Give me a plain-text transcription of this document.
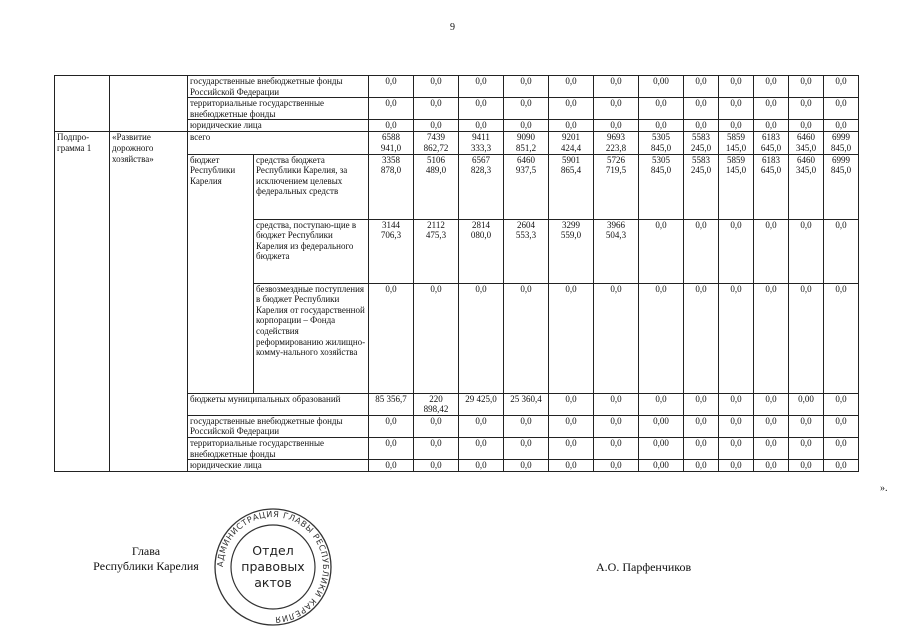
9
		государственные внебюджетные фонды Российской Федерации		0,0	0,0	0,0	0,0	0,0	0,0	0,00	0,0	0,0	0,0	0,0	0,0
		территориальные государственные внебюджетные фонды		0,0	0,0	0,0	0,0	0,0	0,0	0,0	0,0	0,0	0,0	0,0	0,0
		юридические лица		0,0	0,0	0,0	0,0	0,0	0,0	0,0	0,0	0,0	0,0	0,0	0,0
Подпро-грамма 1	«Развитие дорожного хозяйства»	всего		6588 941,0	7439 862,72	9411 333,3	9090 851,2	9201 424,4	9693 223,8	5305 845,0	5583 245,0	5859 145,0	6183 645,0	6460 345,0	6999 845,0
		бюджет Республики Карелия	средства бюджета Республики Карелия, за исключением целевых федеральных средств	3358 878,0	5106 489,0	6567 828,3	6460 937,5	5901 865,4	5726 719,5	5305 845,0	5583 245,0	5859 145,0	6183 645,0	6460 345,0	6999 845,0
			средства, поступаю-щие в бюджет Республики Карелия из федерального бюджета	3144 706,3	2112 475,3	2814 080,0	2604 553,3	3299 559,0	3966 504,3	0,0	0,0	0,0	0,0	0,0	0,0
			безвозмездные поступления в бюджет Республики Карелия от государственной корпорации – Фонда содействия реформированию жилищно-комму-нального хозяйства	0,0	0,0	0,0	0,0	0,0	0,0	0,0	0,0	0,0	0,0	0,0	0,0
		бюджеты муниципальных образований		85 356,7	220 898,42	29 425,0	25 360,4	0,0	0,0	0,0	0,0	0,0	0,0	0,00	0,0
		государственные внебюджетные фонды Российской Федерации		0,0	0,0	0,0	0,0	0,0	0,0	0,00	0,0	0,0	0,0	0,0	0,0
		территориальные государственные внебюджетные фонды		0,0	0,0	0,0	0,0	0,0	0,0	0,00	0,0	0,0	0,0	0,0	0,0
		юридические лица		0,0	0,0	0,0	0,0	0,0	0,0	0,00	0,0	0,0	0,0	0,0	0,0
».
Глава
Республики Карелия	АДМИНИСТРАЦИЯ ГЛАВЫ РЕСПУБЛИКИ КАРЕЛИЯ
Отдел
правовых
актов
А.О. Парфенчиков
